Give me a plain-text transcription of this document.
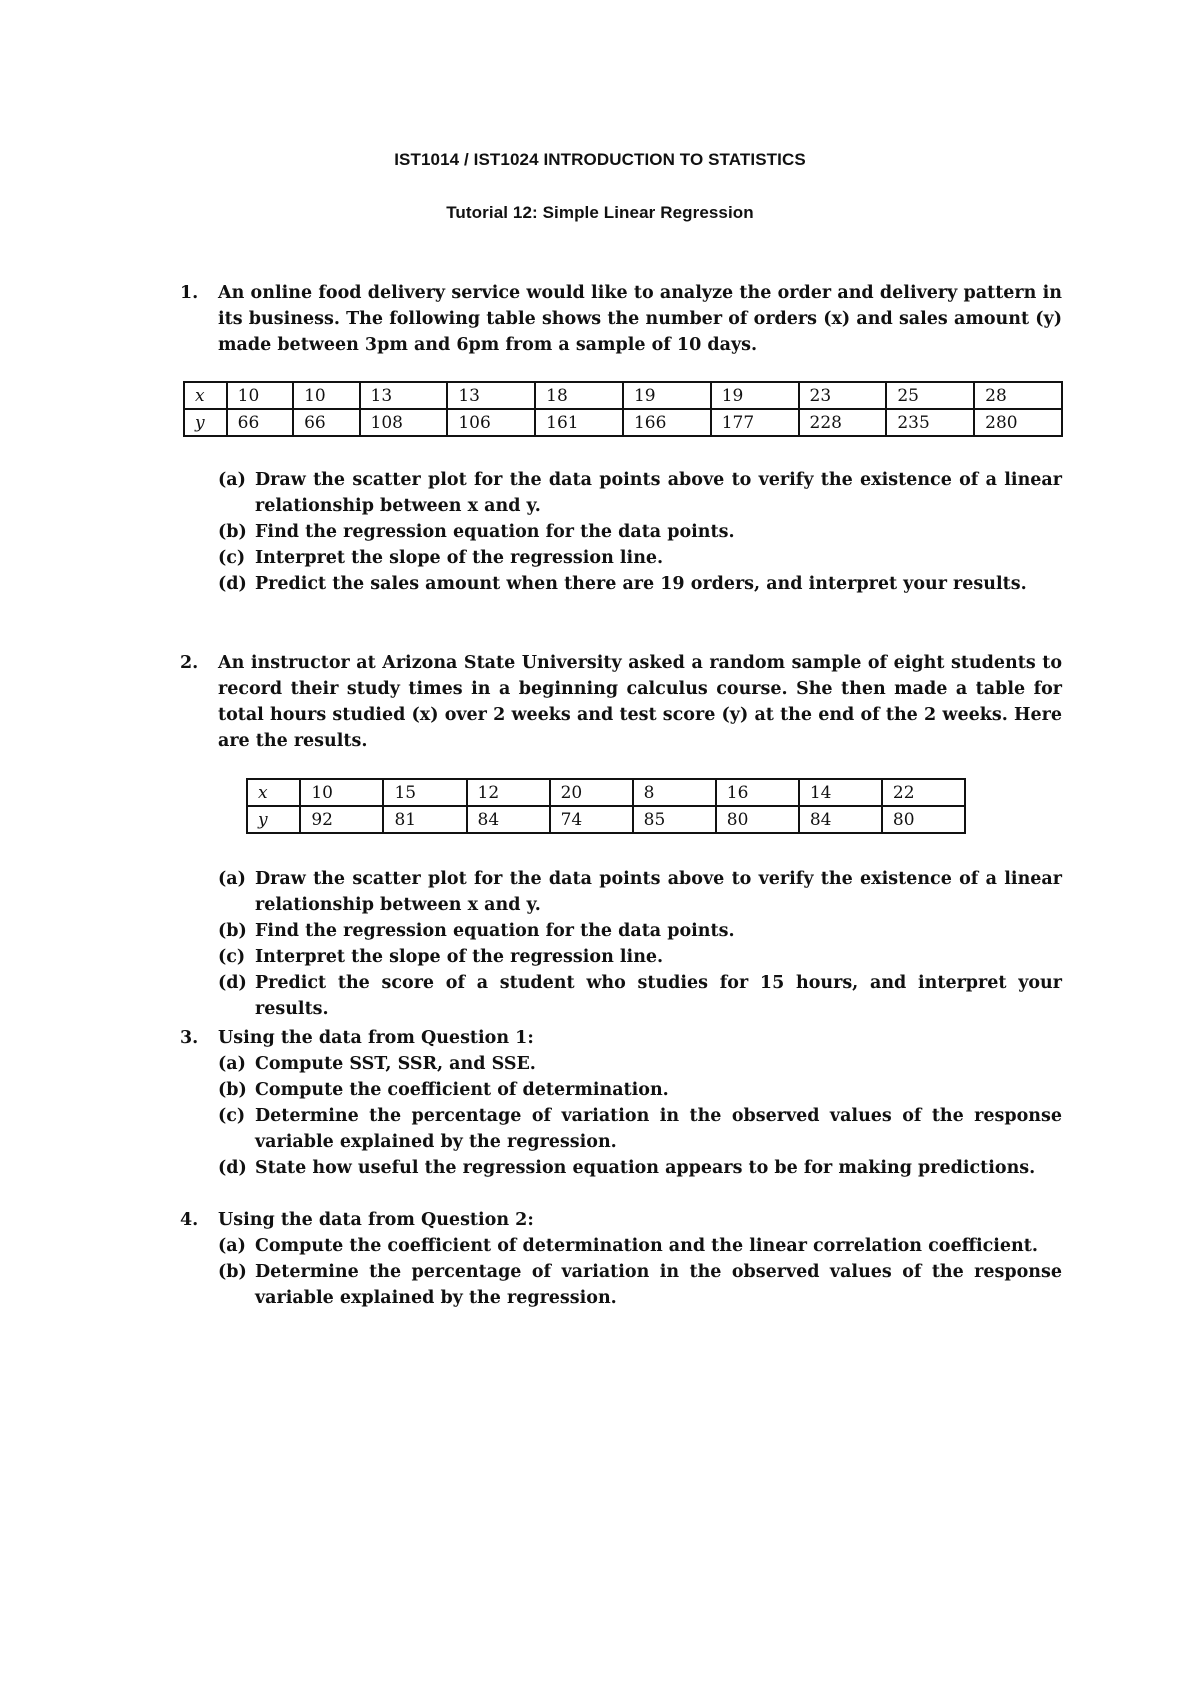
IST1014 / IST1024 INTRODUCTION TO STATISTICS
Tutorial 12: Simple Linear Regression
1. An online food delivery service would like to analyze the order and delivery pattern in its business. The following table shows the number of orders (x) and sales amount (y) made between 3pm and 6pm from a sample of 10 days.
x	10	10	13	13	18	19	19	23	25	28
y	66	66	108	106	161	166	177	228	235	280
(a) Draw the scatter plot for the data points above to verify the existence of a linear relationship between x and y.
(b) Find the regression equation for the data points.
(c) Interpret the slope of the regression line.
(d) Predict the sales amount when there are 19 orders, and interpret your results.
2. An instructor at Arizona State University asked a random sample of eight students to record their study times in a beginning calculus course. She then made a table for total hours studied (x) over 2 weeks and test score (y) at the end of the 2 weeks. Here are the results.
x	10	15	12	20	8	16	14	22
y	92	81	84	74	85	80	84	80
(a) Draw the scatter plot for the data points above to verify the existence of a linear relationship between x and y.
(b) Find the regression equation for the data points.
(c) Interpret the slope of the regression line.
(d) Predict the score of a student who studies for 15 hours, and interpret your results.
3. Using the data from Question 1:
(a) Compute SST, SSR, and SSE.
(b) Compute the coefficient of determination.
(c) Determine the percentage of variation in the observed values of the response variable explained by the regression.
(d) State how useful the regression equation appears to be for making predictions.
4. Using the data from Question 2:
(a) Compute the coefficient of determination and the linear correlation coefficient.
(b) Determine the percentage of variation in the observed values of the response variable explained by the regression.
